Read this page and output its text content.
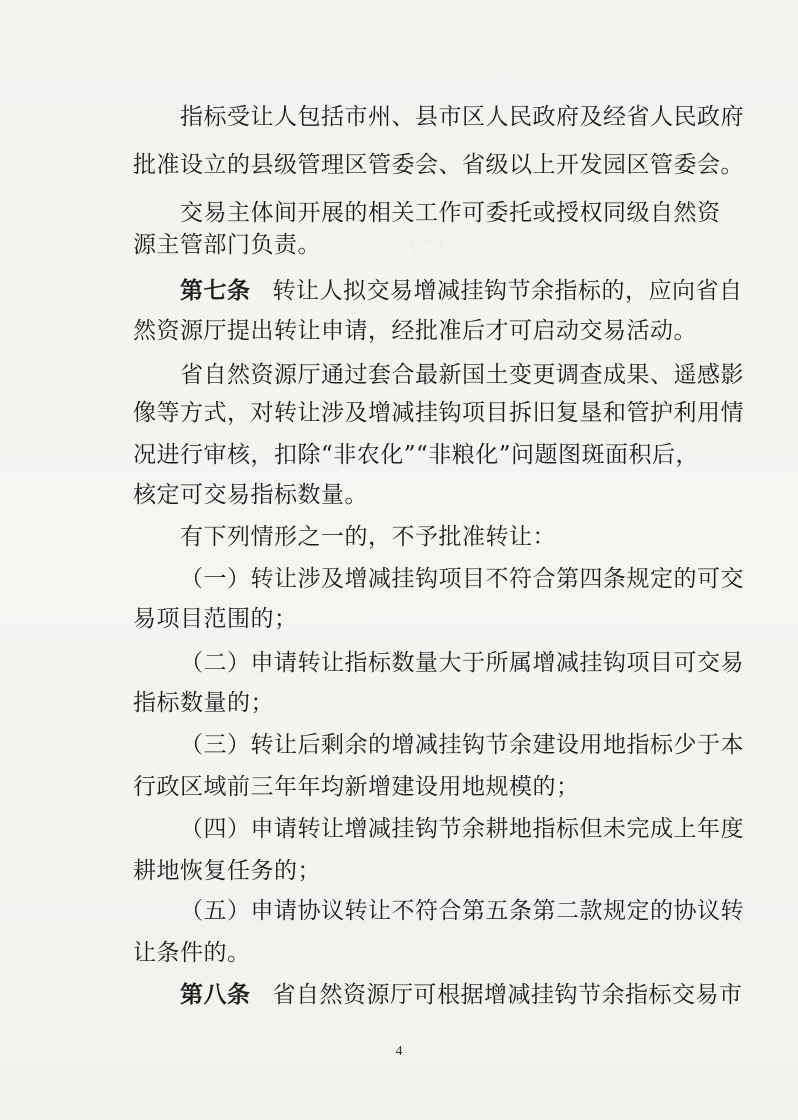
（二）　　　　　　　　

指标受让人包括市州、县市区人民政府及经省人民政府
批准设立的县级管理区管委会、省级以上开发园区管委会。
交易主体间开展的相关工作可委托或授权同级自然资
源主管部门负责。
第七条 转让人拟交易增减挂钩节余指标的，应向省自
然资源厅提出转让申请，经批准后才可启动交易活动。
省自然资源厅通过套合最新国土变更调查成果、遥感影
像等方式，对转让涉及增减挂钩项目拆旧复垦和管护利用情
况进行审核，扣除“非农化”“非粮化”问题图斑面积后，
核定可交易指标数量。
有下列情形之一的，不予批准转让：
（一）转让涉及增减挂钩项目不符合第四条规定的可交
易项目范围的；
（二）申请转让指标数量大于所属增减挂钩项目可交易
指标数量的；
（三）转让后剩余的增减挂钩节余建设用地指标少于本
行政区域前三年年均新增建设用地规模的；
（四）申请转让增减挂钩节余耕地指标但未完成上年度
耕地恢复任务的；
（五）申请协议转让不符合第五条第二款规定的协议转
让条件的。
第八条 省自然资源厅可根据增减挂钩节余指标交易市
4
